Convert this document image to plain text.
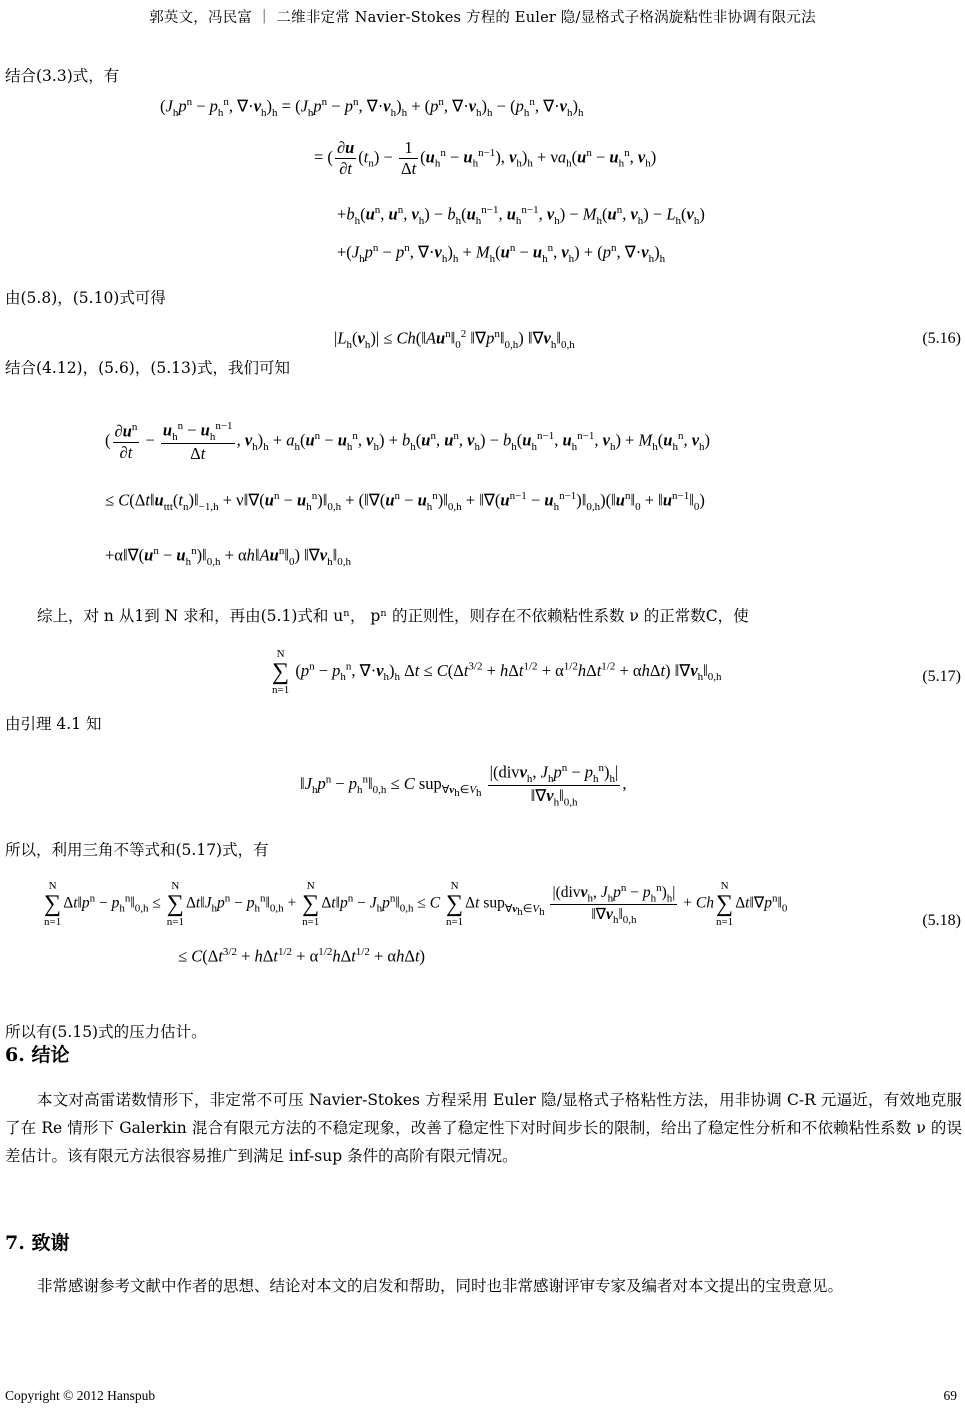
郭英文，冯民富 ｜ 二维非定常 Navier-Stokes 方程的 Euler 隐/显格式子格涡旋粘性非协调有限元法
结合(3.3)式，有
($J_hp^n - p_h^n$, $\nabla\cdot v_h)_h = (J_hp^n - p^n$, $\nabla\cdot v_h)_h + (p^n$, $\nabla\cdot v_h)_h - (p_h^n$, $\nabla\cdot v_h)_h$
= ( $\frac{\partial u}{\partial t} (t_n) - \frac{1}{\Delta t} (u_h^n - u_h^{n-1})$, $v_h)_h + \nu a_h(u^n - u_h^n$, $v_h$)
$+b_h(u^n$, $u^n$, $v_h) - b_h(u_h^{n-1}$, $u_h^{n-1}$, $v_h) - M_h(u^n$, $v_h) - L_h(v_h)$
$+(J_hp^n - p^n$, $\nabla\cdot v_h)_h + M_h(u^n - u_h^n$, $v_h) + (p^n$, $\nabla\cdot v_h)_h$
由(5.8)，(5.10)式可得
$|L_h(v_h)|$ ≤ $Ch(‖Au^n‖_0^2$ $‖\nabla p^n‖_{0,h}$) $‖\nabla v_h‖_{0,h}$	(5.16)
结合(4.12)，(5.6)，(5.13)式，我们可知
( $\frac{\partial u^n}{\partial t} - \frac{u_h^n - u_h^{n-1}}{\Delta t}$ , $v_h)_h + a_h(u^n - u_h^n$, $v_h) + b_h(u^n$, $u^n$, $v_h) - b_h(u_h^{n-1}$, $u_h^{n-1}$, $v_h) + M_h(u_h^n$, $v_h$)
≤ $C(\Delta t‖u_{ttt}(t_n)‖_{-1,h}$ + $\nu‖\nabla(u^n$ − $u_h^n)‖_{0,h}$ + ($‖\nabla(u^n$ − $u_h^n)‖_{0,h}$ + $‖\nabla(u^{n-1}$ − $u_h^{n-1})‖_{0,h})(‖u^n‖_0$ + $‖u^{n-1}‖_0$)
$+\alpha‖\nabla(u^n$ − $u_h^n)‖_{0,h}$ + $\alpha h‖Au^n‖_0$) $‖\nabla v_h‖_{0,h}$
综上，对 n 从1到 N 求和，再由(5.1)式和 uⁿ， pⁿ 的正则性，则存在不依赖粘性系数 ν 的正常数C，使
N
∑
n=1 ($p^n - p_h^n$, $\nabla\cdot v_h)_h$ $\Delta t \le C(\Delta t^{3/2} + h\Delta t^{1/2} + \alpha^{1/2}h\Delta t^{1/2} + \alpha h\Delta t)$ $‖\nabla v_h‖_{0,h}$	(5.17)
由引理 4.1 知
$‖J_hp^n$ − $p_h^n‖_{0,h} \le C$ $sup_{\forall v_h\in V_h} \frac{|(divv_h, J_hp^n - p_h^n)_h|}{‖\nabla v_h‖_{0,h}}$ ,
所以，利用三角不等式和(5.17)式，有
N
∑
$n=1\Delta t‖p^n$ − $p_h^n‖_{0,h} \le N$
∑
$n=1\Delta t‖J_hp^n$ − $p_h^n‖_{0,h} + N$
∑
$n=1\Delta t‖p^n$ − $J_hp^n‖_{0,h} \le C$ N
∑
n=1Δt $sup_{\forall v_h\in V_h} \frac{|(divv_h, J_hp^n - p_h^n)_h|}{‖\nabla v_h‖_{0,h}}$ + ChN
∑
$n=1\Delta t‖\nabla p^n‖_0$
(5.18)
≤ $C(\Delta t^{3/2} + h\Delta t^{1/2} + \alpha^{1/2}h\Delta t^{1/2} + \alpha h\Delta t)$
所以有(5.15)式的压力估计。
6. 结论
本文对高雷诺数情形下，非定常不可压 Navier-Stokes 方程采用 Euler 隐/显格式子格粘性方法，用非协调 C-R 元逼近，有效地克服了在 Re 情形下 Galerkin 混合有限元方法的不稳定现象，改善了稳定性下对时间步长的限制，给出了稳定性分析和不依赖粘性系数 ν 的误差估计。该有限元方法很容易推广到满足 inf-sup 条件的高阶有限元情况。
7. 致谢
非常感谢参考文献中作者的思想、结论对本文的启发和帮助，同时也非常感谢评审专家及编者对本文提出的宝贵意见。
Copyright © 2012 Hanspub	69
